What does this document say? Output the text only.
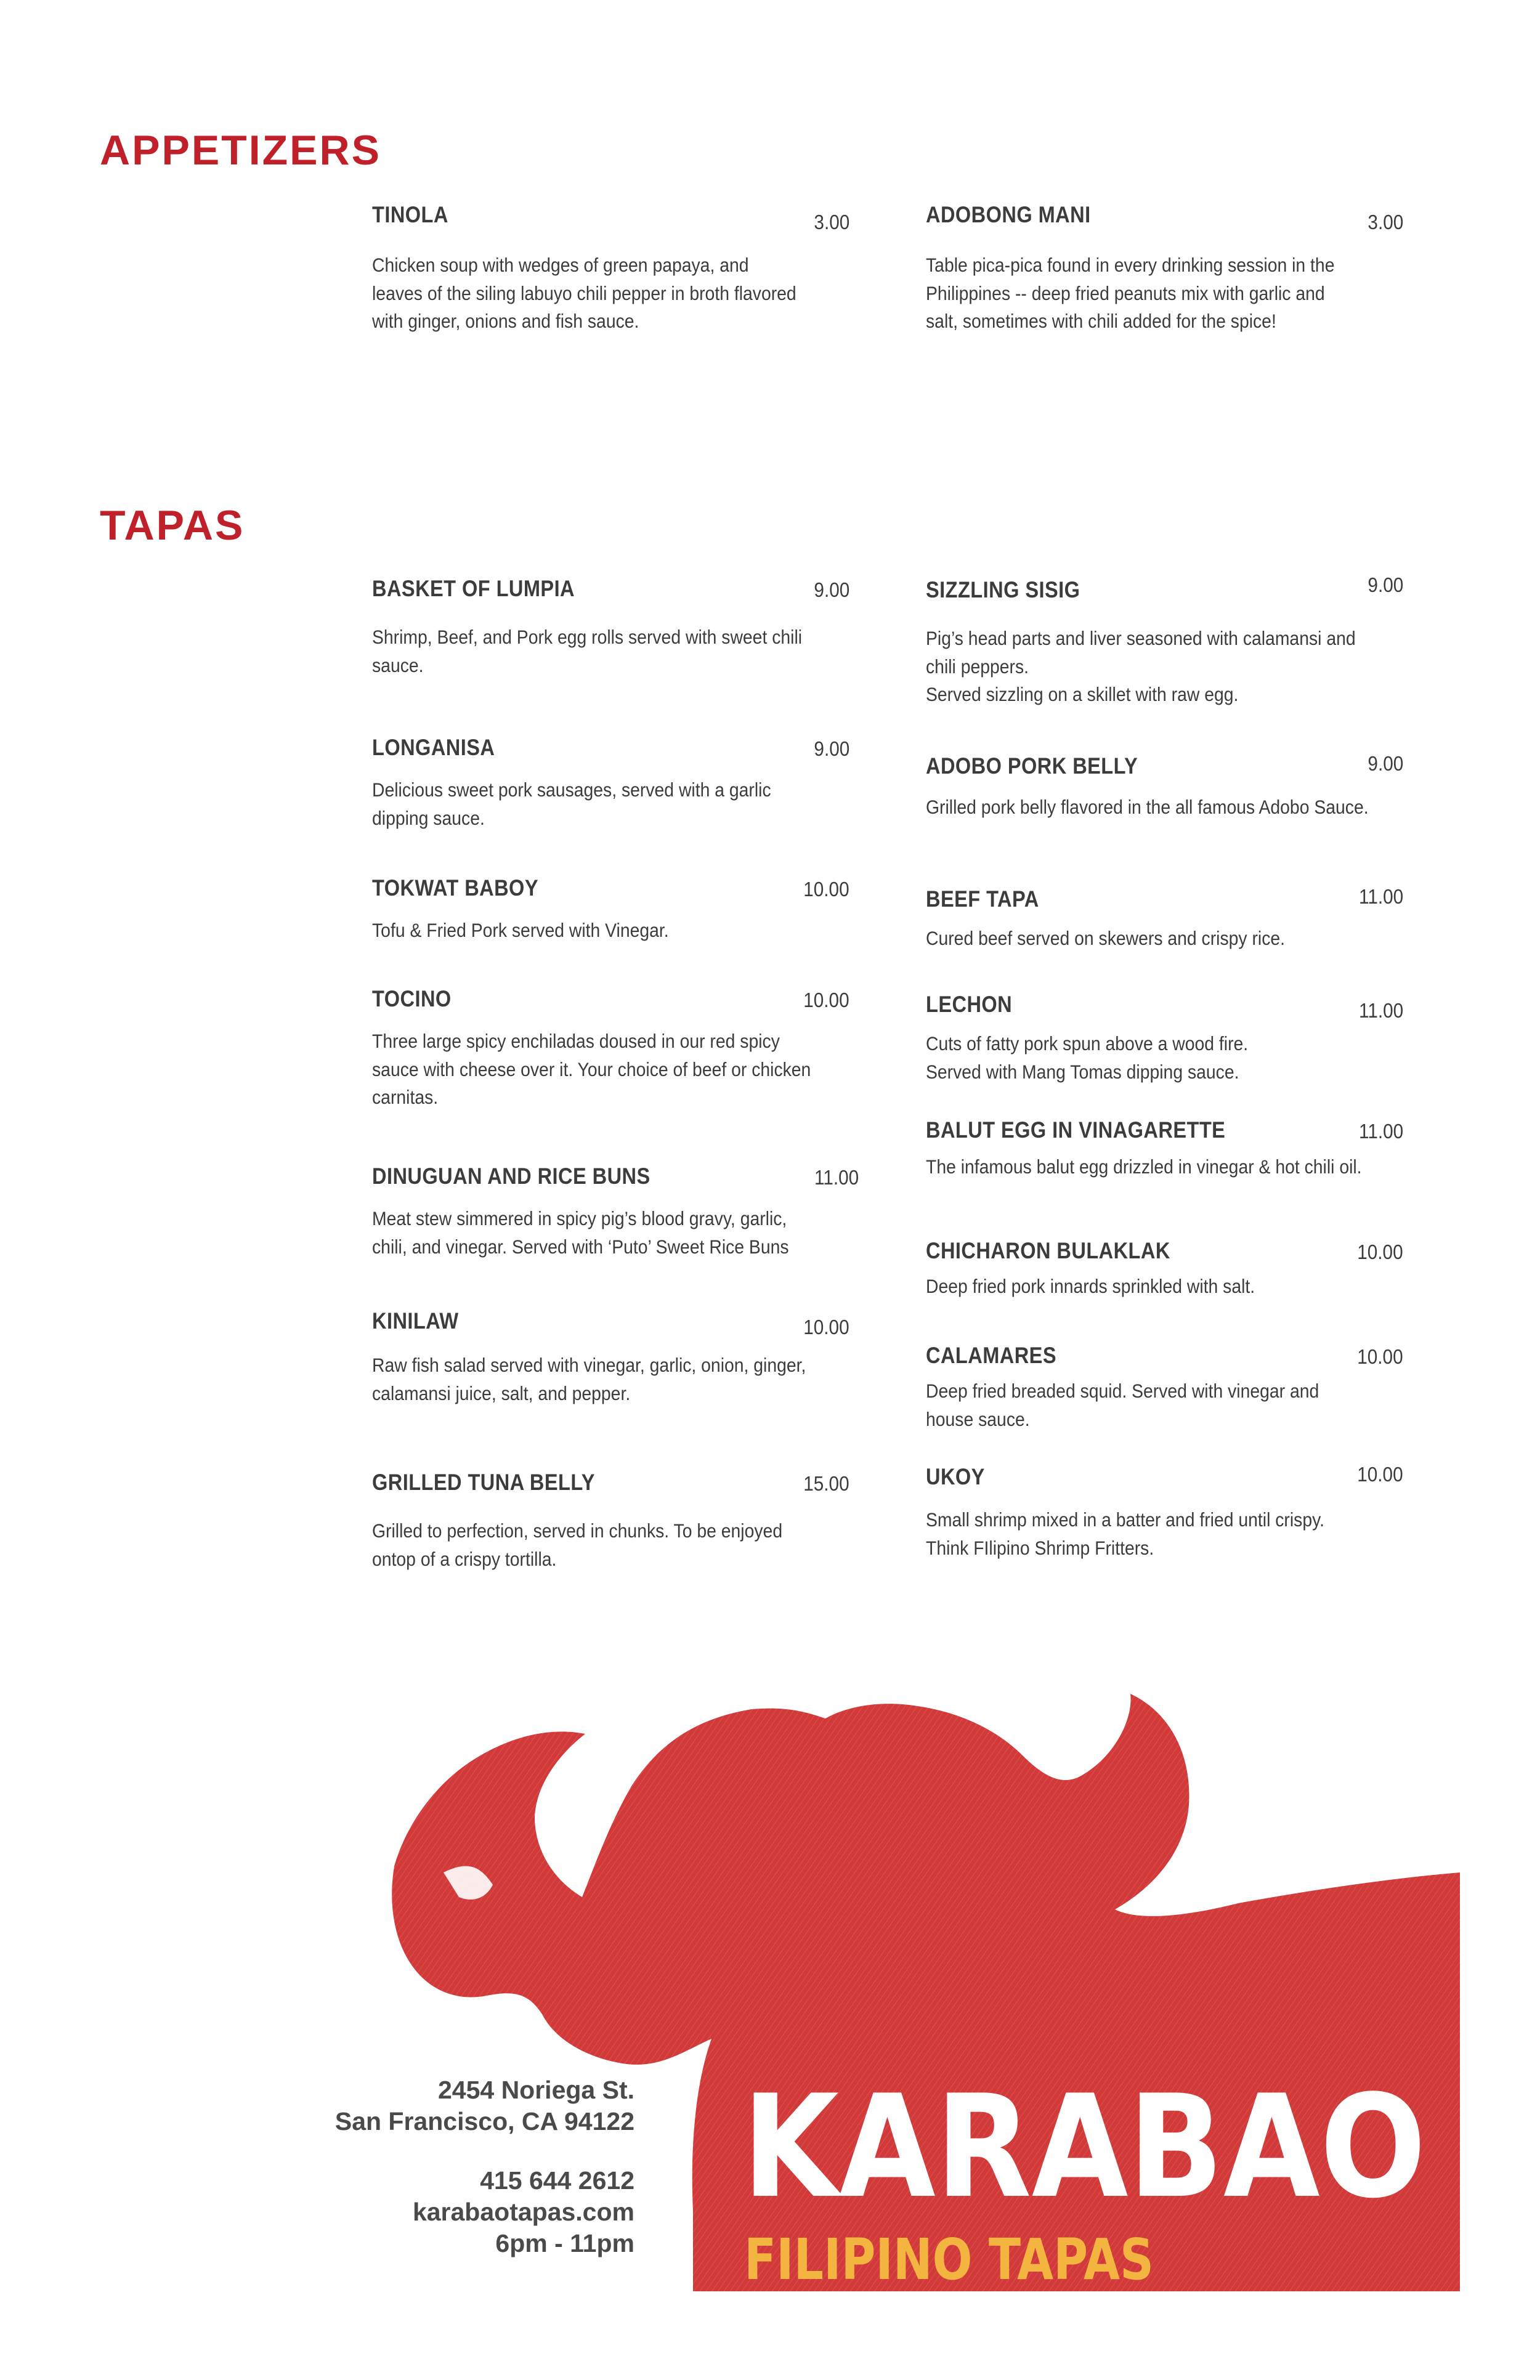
KARABAO
FILIPINO TAPAS
APPETIZERS
TINOLA	3.00
Chicken soup with wedges of green papaya, and
leaves of the siling labuyo chili pepper in broth flavored
with ginger, onions and fish sauce.
ADOBONG MANI	3.00
Table pica-pica found in every drinking session in the
Philippines -- deep fried peanuts mix with garlic and
salt, sometimes with chili added for the spice!
TAPAS
BASKET OF LUMPIA	9.00
Shrimp, Beef, and Pork egg rolls served with sweet chili
sauce.
LONGANISA	9.00
Delicious sweet pork sausages, served with a garlic
dipping sauce.
TOKWAT BABOY	10.00
Tofu & Fried Pork served with Vinegar.
TOCINO	10.00
Three large spicy enchiladas doused in our red spicy
sauce with cheese over it. Your choice of beef or chicken
carnitas.
DINUGUAN AND RICE BUNS	11.00
Meat stew simmered in spicy pig’s blood gravy, garlic,
chili, and vinegar. Served with ‘Puto’ Sweet Rice Buns
KINILAW	10.00
Raw fish salad served with vinegar, garlic, onion, ginger,
calamansi juice, salt, and pepper.
GRILLED TUNA BELLY	15.00
Grilled to perfection, served in chunks. To be enjoyed
ontop of a crispy tortilla.
SIZZLING SISIG	9.00
Pig’s head parts and liver seasoned with calamansi and
chili peppers.
Served sizzling on a skillet with raw egg.
ADOBO PORK BELLY	9.00
Grilled pork belly flavored in the all famous Adobo Sauce.
BEEF TAPA	11.00
Cured beef served on skewers and crispy rice.
LECHON	11.00
Cuts of fatty pork spun above a wood fire.
Served with Mang Tomas dipping sauce.
BALUT EGG IN VINAGARETTE	11.00
The infamous balut egg drizzled in vinegar & hot chili oil.
CHICHARON BULAKLAK	10.00
Deep fried pork innards sprinkled with salt.
CALAMARES	10.00
Deep fried breaded squid. Served with vinegar and
house sauce.
UKOY	10.00
Small shrimp mixed in a batter and fried until crispy.
Think FIlipino Shrimp Fritters.
2454 Noriega St.
San Francisco, CA 94122
415 644 2612
karabaotapas.com
6pm - 11pm
